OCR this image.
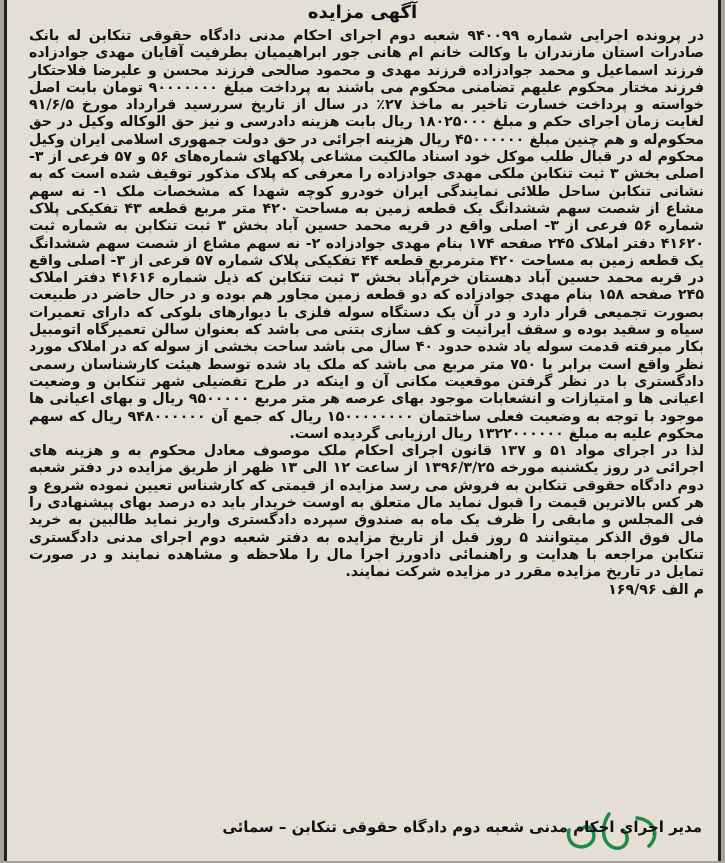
آگهی مزایده

در پرونده اجرایی شماره ۹۴۰۰۹۹ شعبه دوم اجرای احکام مدنی دادگاه حقوقی تنکابن له بانک صادرات استان مازندران با وکالت خانم ام هانی جور ابراهیمیان بطرفیت آقایان مهدی جوادزاده فرزند اسماعیل و محمد جوادزاده فرزند مهدی و محمود صالحی فرزند محسن و علیرضا فلاحتکار فرزند مختار محکوم علیهم تضامنی محکوم می باشند به پرداخت مبلغ ۹۰۰۰۰۰۰۰ تومان بابت اصل خواسته و پرداخت خسارت تاخیر به ماخذ ۲۷٪ در سال از تاریخ سررسید قرارداد مورخ ۹۱/۶/۵ لغایت زمان اجرای حکم و مبلغ ۱۸۰۲۵۰۰۰ ریال بابت هزینه دادرسی و نیز حق الوکاله وکیل در حق محکوم‌له و هم چنین مبلغ ۴۵۰۰۰۰۰۰ ریال هزینه اجرائی در حق دولت جمهوری اسلامی ایران وکیل محکوم له در قبال طلب موکل خود اسناد مالکیت مشاعی پلاکهای شماره‌های ۵۶ و ۵۷ فرعی از ۳- اصلی بخش ۳ ثبت تنکابن ملکی مهدی جوادزاده را معرفی که پلاک مذکور توقیف شده است که به نشانی تنکابن ساحل طلائی نمایندگی ایران خودرو کوچه شهدا که مشخصات ملک ۱- نه سهم مشاع از شصت سهم ششدانگ یک قطعه زمین به مساحت ۴۲۰ متر مربع قطعه ۴۳ تفکیکی پلاک شماره ۵۶ فرعی از ۳- اصلی واقع در قریه محمد حسین آباد بخش ۳ ثبت تنکابن به شماره ثبت ۴۱۶۲۰ دفتر املاک ۲۴۵ صفحه ۱۷۴ بنام مهدی جوادزاده ۲- نه سهم مشاع از شصت سهم ششدانگ یک قطعه زمین به مساحت ۴۲۰ مترمربع قطعه ۴۴ تفکیکی پلاک شماره ۵۷ فرعی از ۳- اصلی واقع در قریه محمد حسین آباد دهستان خرم‌آباد بخش ۳ ثبت تنکابن که ذیل شماره ۴۱۶۱۶ دفتر املاک ۲۴۵ صفحه ۱۵۸ بنام مهدی جوادزاده که دو قطعه زمین مجاور هم بوده و در حال حاضر در طبیعت بصورت تجمیعی قرار دارد و در آن یک دستگاه سوله فلزی با دیوارهای بلوکی که دارای تعمیرات سیاه و سفید بوده و سقف ایرانیت و کف سازی بتنی می باشد که بعنوان سالن تعمیرگاه اتومبیل بکار میرفته قدمت سوله یاد شده حدود ۴۰ سال می باشد ساحت بخشی از سوله که در املاک مورد نظر واقع است برابر با ۷۵۰ متر مربع می باشد که ملک یاد شده توسط هیئت کارشناسان رسمی دادگستری با در نظر گرفتن موقعیت مکانی آن و اینکه در طرح تفضیلی شهر تنکابن و وضعیت اعیانی ها و امتیازات و انشعابات موجود بهای عرصه هر متر مربع ۹۵۰۰۰۰۰ ریال و بهای اعیانی ها موجود با توجه به وضعیت فعلی ساختمان ۱۵۰۰۰۰۰۰۰۰ ریال که جمع آن ۹۴۸۰۰۰۰۰۰ ریال که سهم محکوم علیه به مبلغ ۱۳۲۲۰۰۰۰۰۰ ریال ارزیابی گردیده است.

لذا در اجرای مواد ۵۱ و ۱۳۷ قانون اجرای احکام ملک موصوف معادل محکوم به و هزینه های اجرائی در روز یکشنبه مورخه ۱۳۹۶/۳/۲۵ از ساعت ۱۲ الی ۱۳ ظهر از طریق مزایده در دفتر شعبه دوم دادگاه حقوقی تنکابن به فروش می رسد مزایده از قیمتی که کارشناس تعیین نموده شروع و هر کس بالاترین قیمت را قبول نماید مال متعلق به اوست خریدار باید ده درصد بهای پیشنهادی را فی المجلس و مابقی را ظرف یک ماه به صندوق سپرده دادگستری واریز نماید طالبین به خرید مال فوق الذکر میتوانند ۵ روز قبل از تاریخ مزایده به دفتر شعبه دوم اجرای مدنی دادگستری تنکابن مراجعه با هدایت و راهنمائی دادورز اجرا مال را ملاحظه و مشاهده نمایند و در صورت تمایل در تاریخ مزایده مقرر در مزایده شرکت نمایند.

م الف ۱۶۹/۹۶

مدیر اجرای احکام مدنی شعبه دوم دادگاه حقوقی تنکابن – سمائی
